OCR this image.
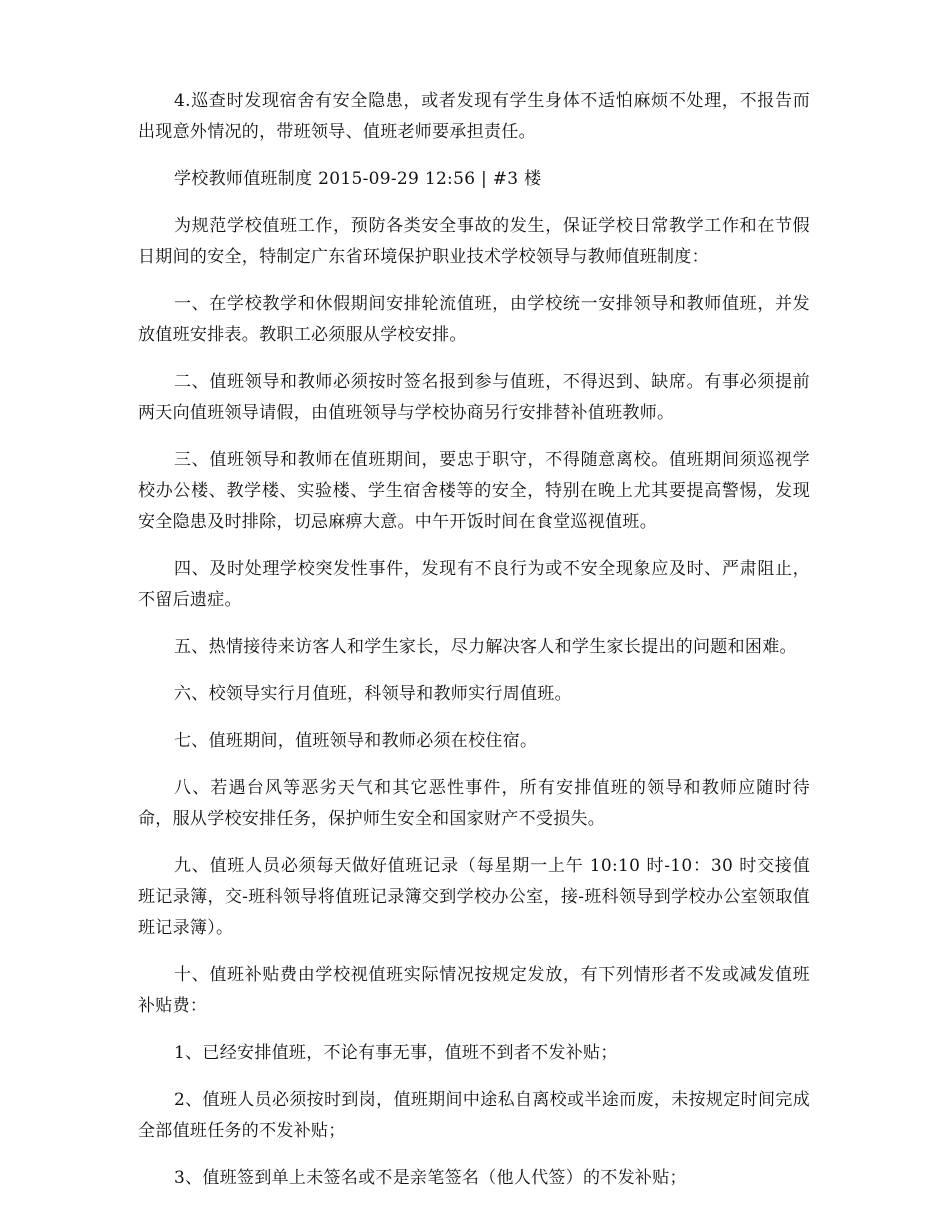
4.巡查时发现宿舍有安全隐患，或者发现有学生身体不适怕麻烦不处理，不报告而出现意外情况的，带班领导、值班老师要承担责任。

学校教师值班制度 2015-09-29 12:56 | #3 楼

为规范学校值班工作，预防各类安全事故的发生，保证学校日常教学工作和在节假日期间的安全，特制定广东省环境保护职业技术学校领导与教师值班制度：

一、在学校教学和休假期间安排轮流值班，由学校统一安排领导和教师值班，并发放值班安排表。教职工必须服从学校安排。

二、值班领导和教师必须按时签名报到参与值班，不得迟到、缺席。有事必须提前两天向值班领导请假，由值班领导与学校协商另行安排替补值班教师。

三、值班领导和教师在值班期间，要忠于职守，不得随意离校。值班期间须巡视学校办公楼、教学楼、实验楼、学生宿舍楼等的安全，特别在晚上尤其要提高警惕，发现安全隐患及时排除，切忌麻痹大意。中午开饭时间在食堂巡视值班。

四、及时处理学校突发性事件，发现有不良行为或不安全现象应及时、严肃阻止，不留后遗症。

五、热情接待来访客人和学生家长，尽力解决客人和学生家长提出的问题和困难。

六、校领导实行月值班，科领导和教师实行周值班。

七、值班期间，值班领导和教师必须在校住宿。

八、若遇台风等恶劣天气和其它恶性事件，所有安排值班的领导和教师应随时待命，服从学校安排任务，保护师生安全和国家财产不受损失。

九、值班人员必须每天做好值班记录（每星期一上午 10:10 时-10：30 时交接值班记录簿，交-班科领导将值班记录簿交到学校办公室，接-班科领导到学校办公室领取值班记录簿）。

十、值班补贴费由学校视值班实际情况按规定发放，有下列情形者不发或减发值班补贴费：

1、已经安排值班，不论有事无事，值班不到者不发补贴；

2、值班人员必须按时到岗，值班期间中途私自离校或半途而废，未按规定时间完成全部值班任务的不发补贴；

3、值班签到单上未签名或不是亲笔签名（他人代签）的不发补贴；
